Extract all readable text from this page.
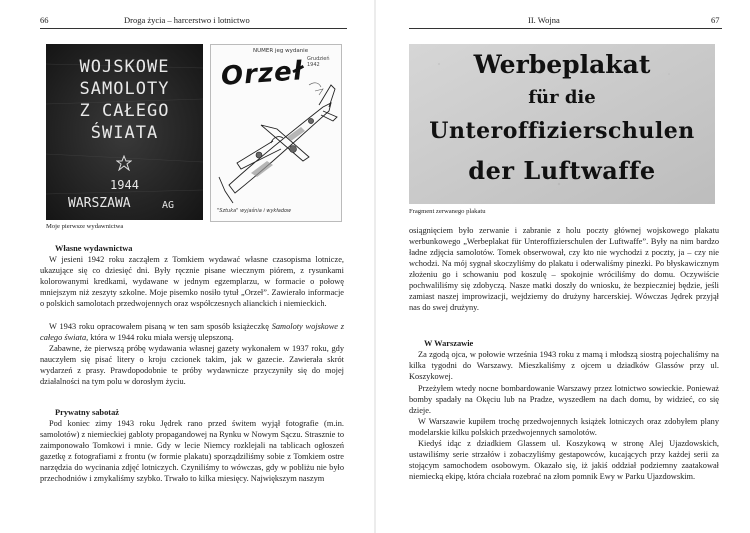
66	Droga życia – harcerstwo i lotnictwo
WOJSKOWE
SAMOLOTY
Z CAŁEGO
ŚWIATA
1944
WARSZAWA	AG
NUMER jeg wydanie
Grudzień 1942
Orzeł
"Sztuka" wyjaśnia i wykładow
Moje pierwsze wydawnictwa
Własne wydawnictwa

W jesieni 1942 roku zacząłem z Tomkiem wydawać własne czasopisma lotnicze, ukazujące się co dziesięć dni. Były ręcznie pisane wiecznym piórem, z rysunkami kolorowanymi kredkami, wydawane w jednym egzemplarzu, w formacie o połowę mniejszym niż zeszyty szkolne. Moje pisemko nosiło tytuł „Orzeł”. Zawierało informacje o polskich samolotach przedwojennych oraz współczesnych alianckich i niemieckich.

W 1943 roku opracowałem pisaną w ten sam sposób książeczkę Samoloty wojskowe z całego świata, która w 1944 roku miała wersję ulepszoną.

Zabawne, że pierwszą próbę wydawania własnej gazety wykonałem w 1937 roku, gdy nauczyłem się pisać litery o kroju czcionek takim, jak w gazecie. Zawierała skrót wydarzeń z prasy. Prawdopodobnie te próby wydawnicze przyczyniły się do mojej działalności na tym polu w dorosłym życiu.

Prywatny sabotaż

Pod koniec zimy 1943 roku Jędrek rano przed świtem wyjął fotografie (m.in. samolotów) z niemieckiej gabloty propagandowej na Rynku w Nowym Sączu. Strasznie to zaimponowało Tomkowi i mnie. Gdy w lecie Niemcy rozklejali na tablicach ogłoszeń gazetkę z fotografiami z frontu (w formie plakatu) sporządziliśmy sobie z Tomkiem ostre narzędzia do wycinania zdjęć lotniczych. Czyniliśmy to wówczas, gdy w pobliżu nie było przechodniów i zmykaliśmy szybko. Trwało to kilka miesięcy. Największym naszym

II. Wojna	67
Werbeplakat
für die
Unteroffizierschulen
der Luftwaffe
Fragment zerwanego plakatu

osiągnięciem było zerwanie i zabranie z holu poczty głównej wojskowego plakatu werbunkowego „Werbeplakat für Unteroffizierschulen der Luftwaffe”. Były na nim bardzo ładne zdjęcia samolotów. Tomek obserwował, czy kto nie wychodzi z poczty, ja – czy nie wchodzi. Na mój sygnał skoczyliśmy do plakatu i oderwaliśmy pinezki. Po błyskawicznym złożeniu go i schowaniu pod koszulę – spokojnie wróciliśmy do domu. Oczywiście pochwaliliśmy się zdobyczą. Nasze matki doszły do wniosku, że bezpieczniej będzie, jeśli zamiast naszej improwizacji, wejdziemy do drużyny harcerskiej. Wówczas Jędrek przyjął nas do swej drużyny.

W Warszawie

Za zgodą ojca, w połowie września 1943 roku z mamą i młodszą siostrą pojechaliśmy na kilka tygodni do Warszawy. Mieszkaliśmy z ojcem u dziadków Glassów przy ul. Koszykowej.

Przeżyłem wtedy nocne bombardowanie Warszawy przez lotnictwo sowieckie. Ponieważ bomby spadały na Okęciu lub na Pradze, wyszedłem na dach domu, by widzieć, co się dzieje.

W Warszawie kupiłem trochę przedwojennych książek lotniczych oraz zdobyłem plany modelarskie kilku polskich przedwojennych samolotów.

Kiedyś idąc z dziadkiem Glassem ul. Koszykową w stronę Alej Ujazdowskich, ustawiliśmy serie strzałów i zobaczyliśmy gestapowców, kucających przy każdej serii za stojącym samochodem osobowym. Okazało się, iż jakiś oddział podziemny zaatakował niemiecką ekipę, która chciała rozebrać na złom pomnik Ewy w Parku Ujazdowskim.
